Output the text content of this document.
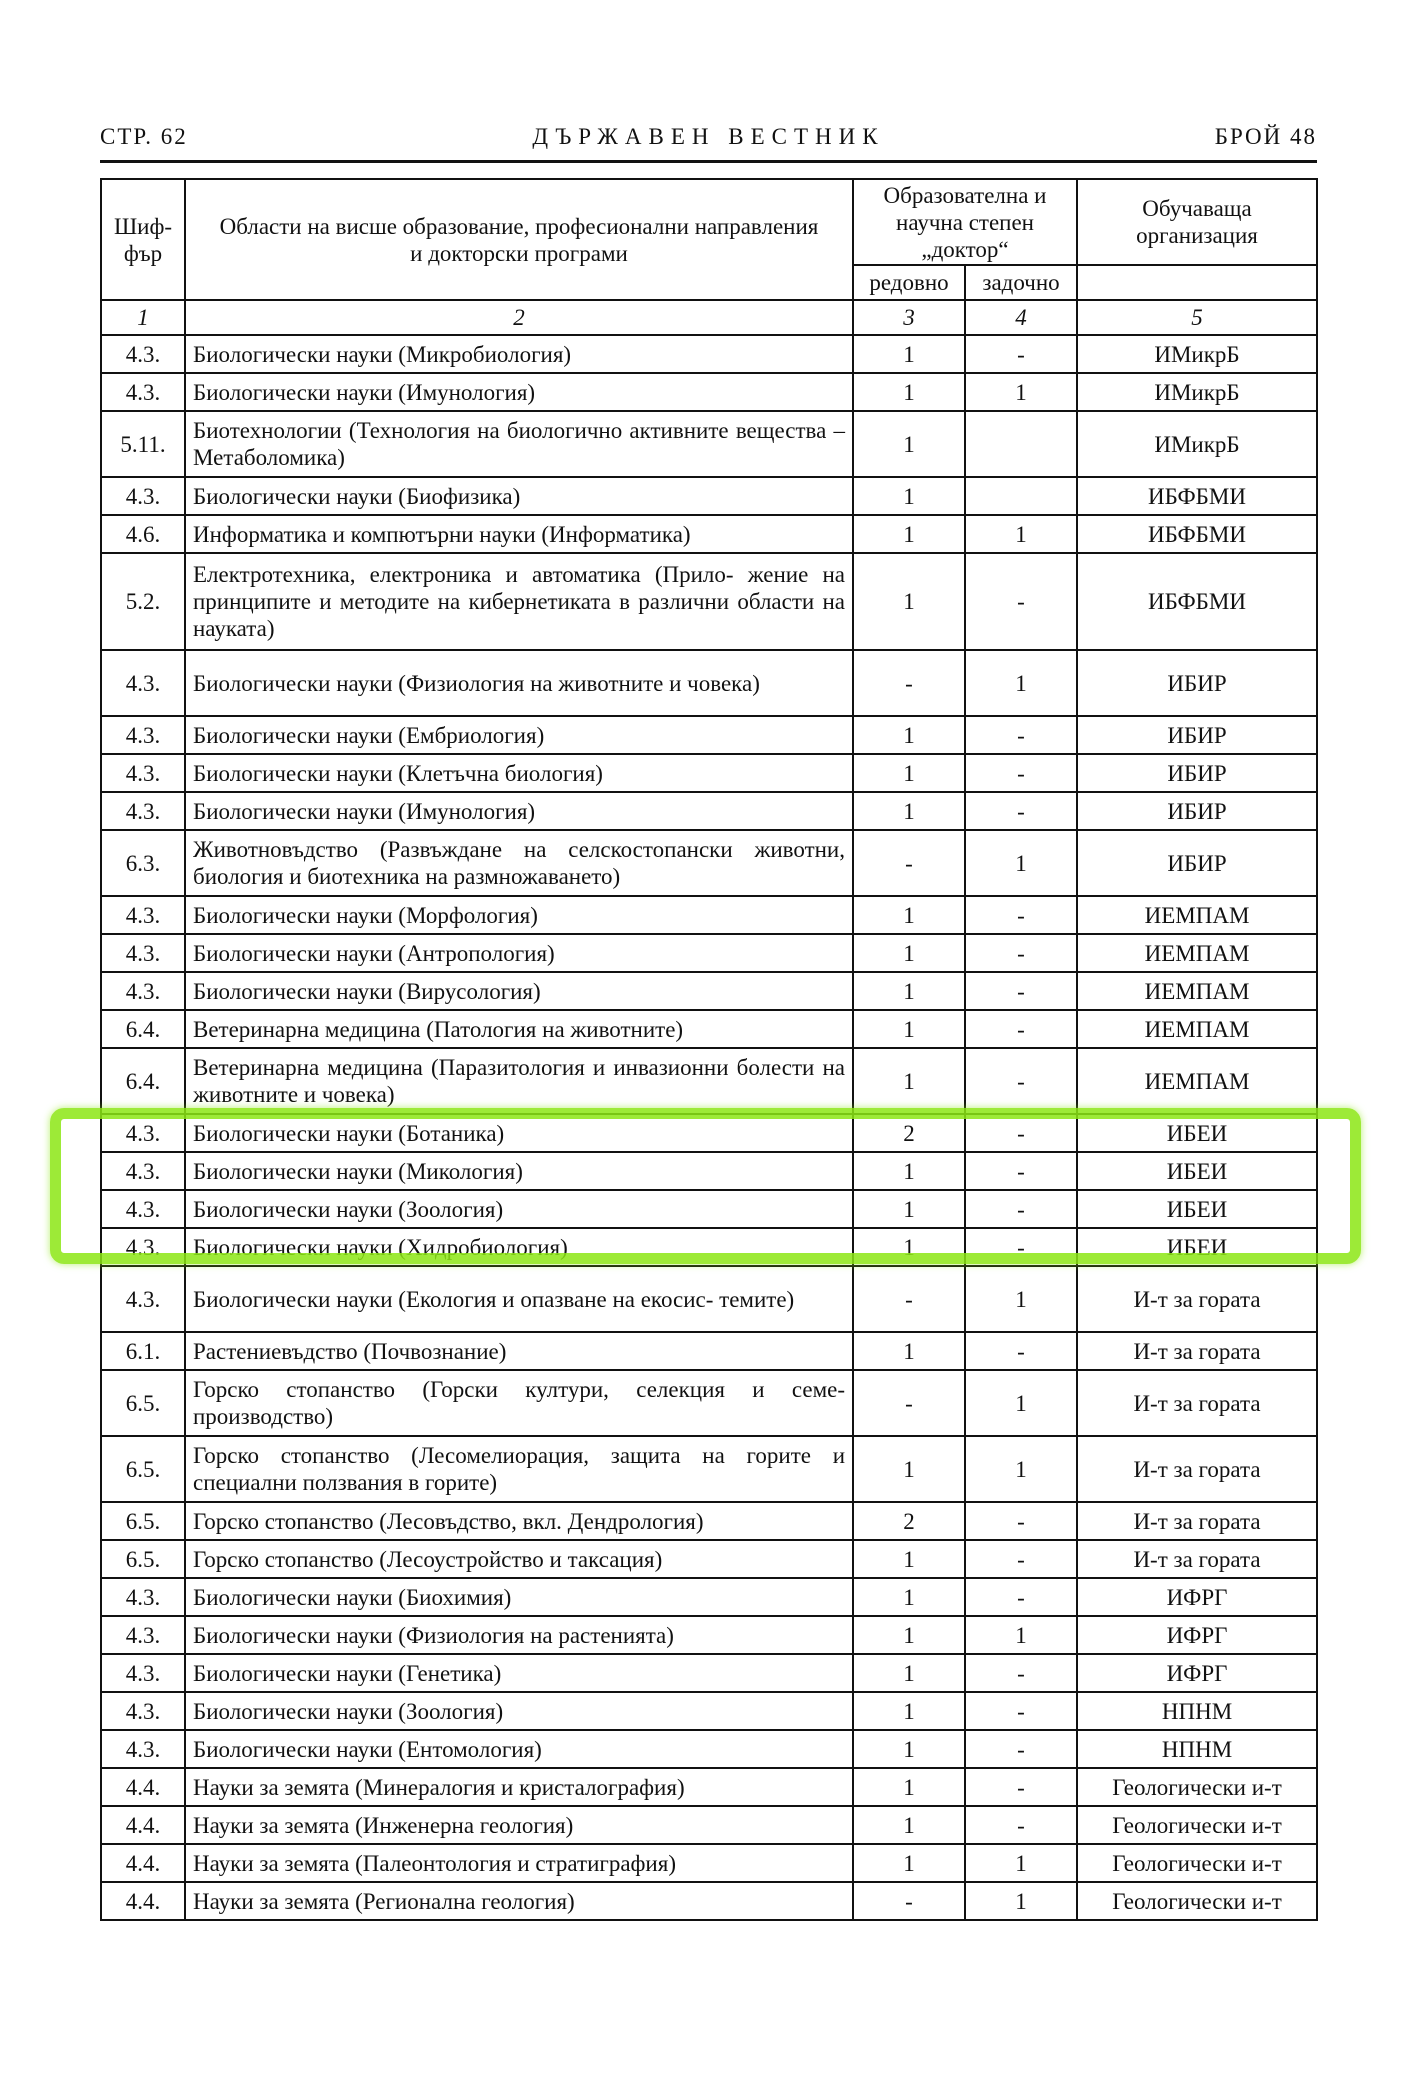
СТР. 62	ДЪРЖАВЕН ВЕСТНИК	БРОЙ 48
Шиф-
фър	Области на висше образование, професионални направления и докторски програми	Образователна и научна степен „доктор“		Обучаваща организация
		редовно	задочно	
1	2	3	4	5
4.3.	Биологически науки (Микробиология)	1	-	ИМикрБ
4.3.	Биологически науки (Имунология)	1	1	ИМикрБ
5.11.	Биотехнологии (Технология на биологично активните вещества – Метаболомика)	1		ИМикрБ
4.3.	Биологически науки (Биофизика)	1		ИБФБМИ
4.6.	Информатика и компютърни науки (Информатика)	1	1	ИБФБМИ
5.2.	Електротехника, електроника и автоматика (Прило- жение на принципите и методите на кибернетиката в различни области на науката)	1	-	ИБФБМИ
4.3.	Биологически науки (Физиология на животните и човека)	-	1	ИБИР
4.3.	Биологически науки (Ембриология)	1	-	ИБИР
4.3.	Биологически науки (Клетъчна биология)	1	-	ИБИР
4.3.	Биологически науки (Имунология)	1	-	ИБИР
6.3.	Животновъдство (Развъждане на селскостопански животни, биология и биотехника на размножаването)	-	1	ИБИР
4.3.	Биологически науки (Морфология)	1	-	ИЕМПАМ
4.3.	Биологически науки (Антропология)	1	-	ИЕМПАМ
4.3.	Биологически науки (Вирусология)	1	-	ИЕМПАМ
6.4.	Ветеринарна медицина (Патология на животните)	1	-	ИЕМПАМ
6.4.	Ветеринарна медицина (Паразитология и инвазионни болести на животните и човека)	1	-	ИЕМПАМ
4.3.	Биологически науки (Ботаника)	2	-	ИБЕИ
4.3.	Биологически науки (Микология)	1	-	ИБЕИ
4.3.	Биологически науки (Зоология)	1	-	ИБЕИ
4.3.	Биологически науки (Хидробиология)	1	-	ИБЕИ
4.3.	Биологически науки (Екология и опазване на екосис- темите)	-	1	И-т за гората
6.1.	Растениевъдство (Почвознание)	1	-	И-т за гората
6.5.	Горско стопанство (Горски култури, селекция и семе- производство)	-	1	И-т за гората
6.5.	Горско стопанство (Лесомелиорация, защита на горите и специални ползвания в горите)	1	1	И-т за гората
6.5.	Горско стопанство (Лесовъдство, вкл. Дендрология)	2	-	И-т за гората
6.5.	Горско стопанство (Лесоустройство и таксация)	1	-	И-т за гората
4.3.	Биологически науки (Биохимия)	1	-	ИФРГ
4.3.	Биологически науки (Физиология на растенията)	1	1	ИФРГ
4.3.	Биологически науки (Генетика)	1	-	ИФРГ
4.3.	Биологически науки (Зоология)	1	-	НПНМ
4.3.	Биологически науки (Ентомология)	1	-	НПНМ
4.4.	Науки за земята (Минералогия и кристалография)	1	-	Геологически и-т
4.4.	Науки за земята (Инженерна геология)	1	-	Геологически и-т
4.4.	Науки за земята (Палеонтология и стратиграфия)	1	1	Геологически и-т
4.4.	Науки за земята (Регионална геология)	-	1	Геологически и-т
